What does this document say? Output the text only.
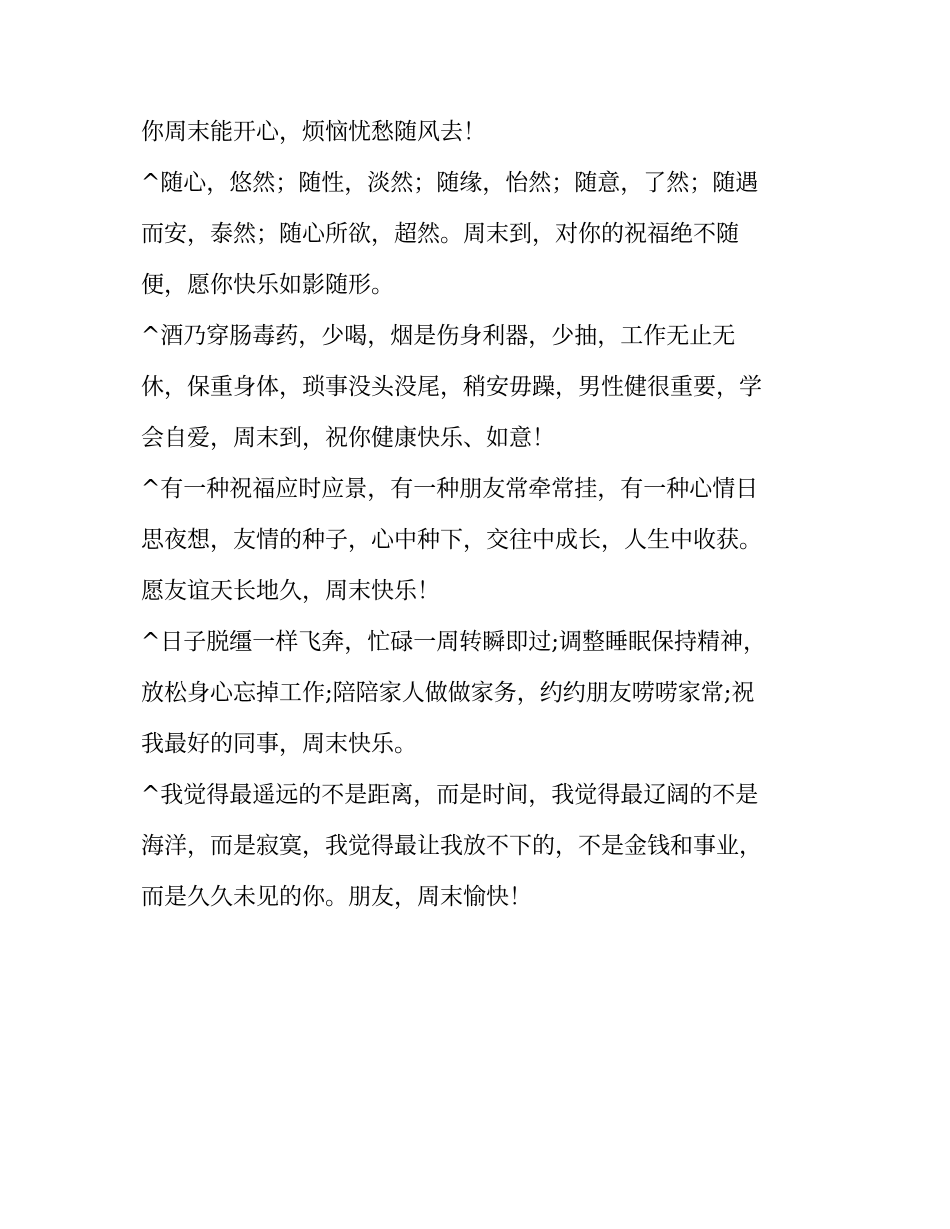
你周末能开心，烦恼忧愁随风去！
^随心，悠然；随性，淡然；随缘，怡然；随意，了然；随遇
而安，泰然；随心所欲，超然。周末到，对你的祝福绝不随
便，愿你快乐如影随形。
^酒乃穿肠毒药，少喝，烟是伤身利器，少抽，工作无止无
休，保重身体，琐事没头没尾，稍安毋躁，男性健很重要，学
会自爱，周末到，祝你健康快乐、如意！
^有一种祝福应时应景，有一种朋友常牵常挂，有一种心情日
思夜想，友情的种子，心中种下，交往中成长，人生中收获。
愿友谊天长地久，周末快乐！
^日子脱缰一样飞奔，忙碌一周转瞬即过;调整睡眠保持精神，
放松身心忘掉工作;陪陪家人做做家务，约约朋友唠唠家常;祝
我最好的同事，周末快乐。
^我觉得最遥远的不是距离，而是时间，我觉得最辽阔的不是
海洋，而是寂寞，我觉得最让我放不下的，不是金钱和事业，
而是久久未见的你。朋友，周末愉快！
